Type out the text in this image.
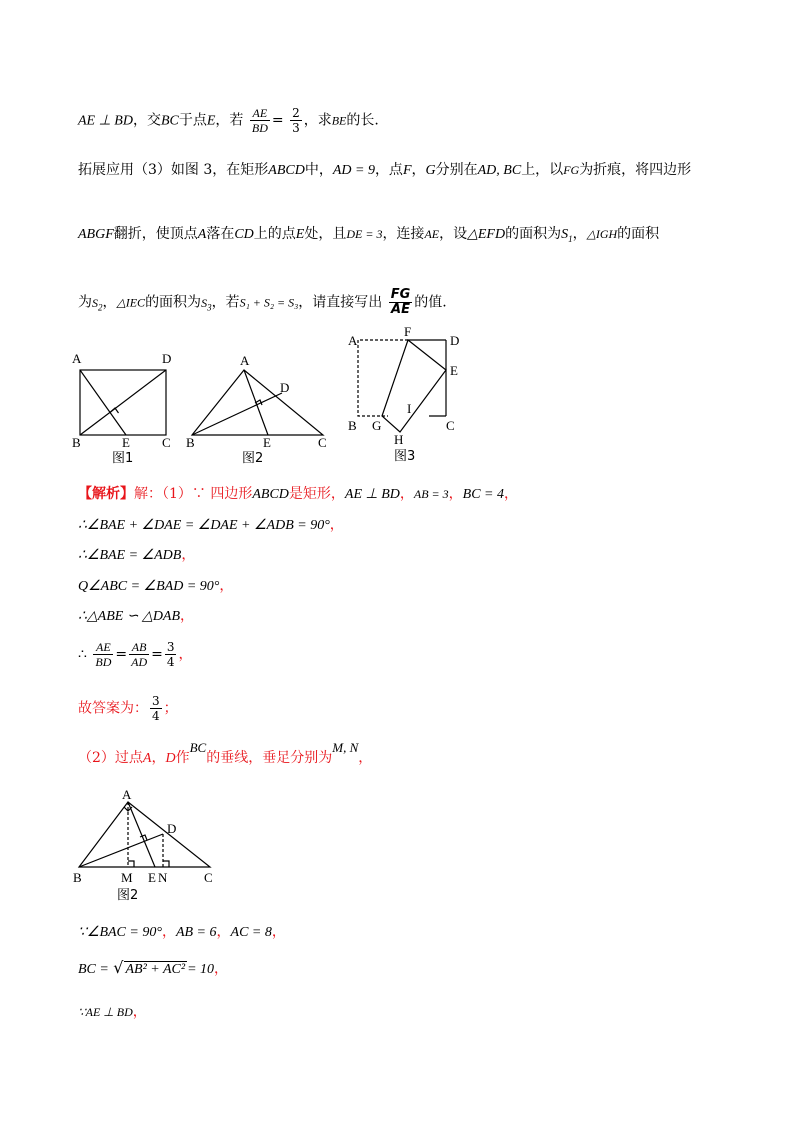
AE ⊥ BD，交BC于点E，若 $\frac{AE}{BD} = \frac{2}{3}$ ，求BE的长.
拓展应用（3）如图 3，在矩形ABCD中，AD = 9，点F，G分别在AD, BC上，以FG为折痕，将四边形
ABGF翻折，使顶点A落在CD上的点E处，且DE = 3，连接AE，设△EFD的面积为$S_1$，△IGH的面积
为$S_2$，△IEC的面积为$S_3$，若S₁ + S₂ = S₃，请直接写出 $\frac{FG}{AE}$ 的值.
A	D
B	E C
图1
A
D
B	E	C
图2
A
F
D
E
I
B G	C
H
图3
【解析】解：（1）∵ 四边形ABCD是矩形，AE ⊥ BD，AB = 3，BC = 4，
∴∠BAE + ∠DAE = ∠DAE + ∠ADB = 90°，
∴∠BAE = ∠ADB，
Q∠ABC = ∠BAD = 90°，
∴△ABE ∽ △DAB，
∴ $\frac{AE}{BD} = \frac{AB}{AD} = \frac{3}{4}$ ，
故答案为： $\frac{3}{4}$ ；
（2）过点A，D作BC的垂线，垂足分别为M, N，
A
D
B	M E N	C
图2
∵∠BAC = 90°，AB = 6，AC = 8，
BC = √ AB² + AC² = 10，
∵AE ⊥ BD，
